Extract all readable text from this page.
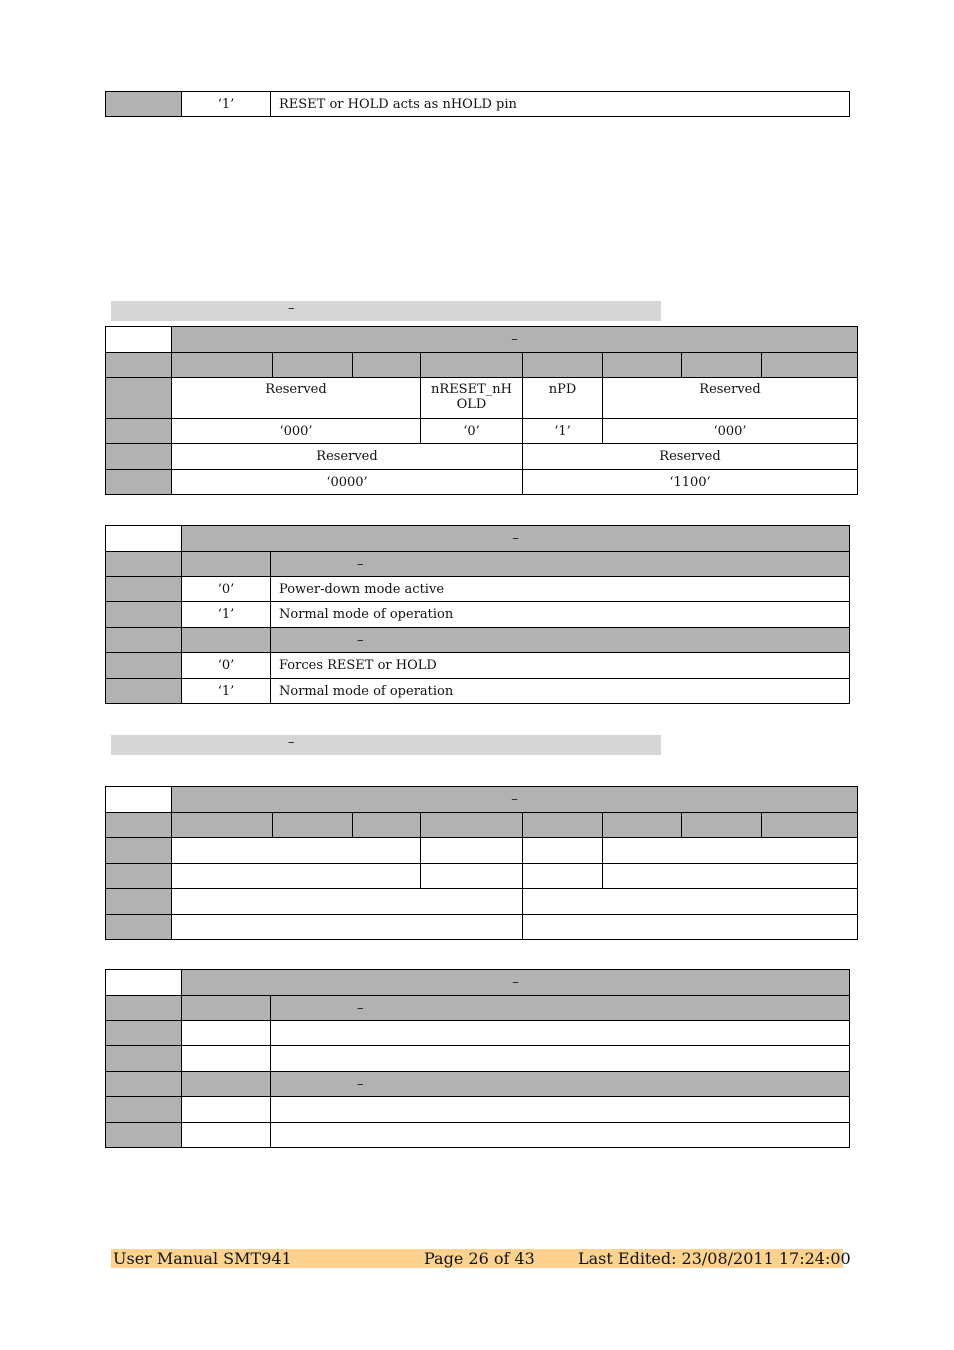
	‘1’	RESET or HOLD acts as nHOLD pin
–
	–							

	Reserved			nRESET_nHOLD	nPD	Reserved		
	‘000’			‘0’	‘1’	‘000’		
	Reserved				Reserved			
	‘0000’				‘1100’			
	–	
		–
	‘0’	Power-down mode active
	‘1’	Normal mode of operation
		–
	‘0’	Forces RESET or HOLD
	‘1’	Normal mode of operation
–
	–							

	–	
		–

		–

User Manual SMT941	Page 26 of 43	Last Edited: 23/08/2011 17:24:00
